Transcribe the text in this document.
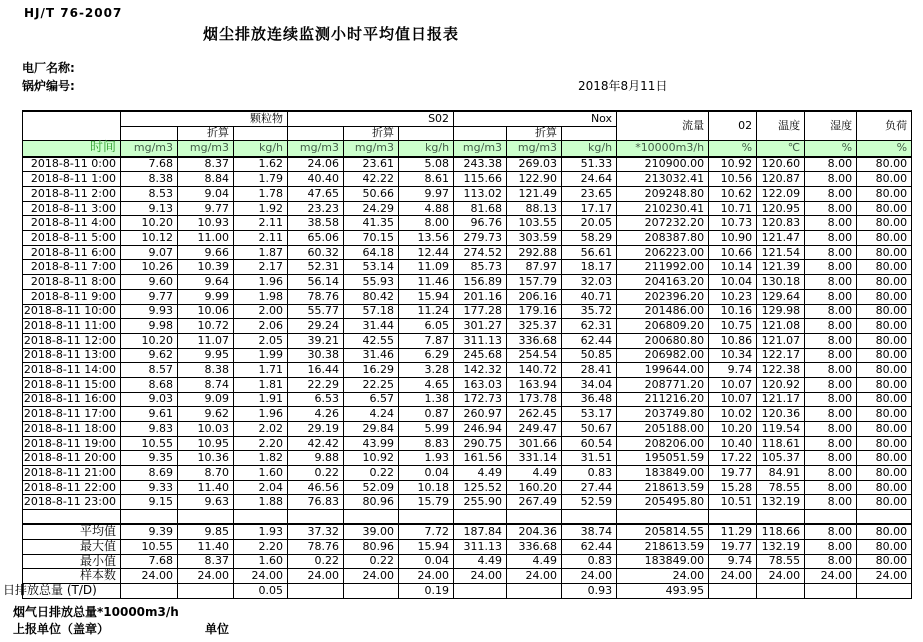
HJ/T 76-2007
烟尘排放连续监测小时平均值日报表
电厂名称:
锅炉编号:	2018年8月11日
	颗粒物			S02			Nox			流量	02	温度	湿度	负荷
		折算			折算			折算						
时间	mg/m3	mg/m3	kg/h	mg/m3	mg/m3	kg/h	mg/m3	mg/m3	kg/h	*10000m3/h	%	℃	%	%
2018-8-11 0:00	7.68	8.37	1.62	24.06	23.61	5.08	243.38	269.03	51.33	210900.00	10.92	120.60	8.00	80.00
2018-8-11 1:00	8.38	8.84	1.79	40.40	42.22	8.61	115.66	122.90	24.64	213032.41	10.56	120.87	8.00	80.00
2018-8-11 2:00	8.53	9.04	1.78	47.65	50.66	9.97	113.02	121.49	23.65	209248.80	10.62	122.09	8.00	80.00
2018-8-11 3:00	9.13	9.77	1.92	23.23	24.29	4.88	81.68	88.13	17.17	210230.41	10.71	120.95	8.00	80.00
2018-8-11 4:00	10.20	10.93	2.11	38.58	41.35	8.00	96.76	103.55	20.05	207232.20	10.73	120.83	8.00	80.00
2018-8-11 5:00	10.12	11.00	2.11	65.06	70.15	13.56	279.73	303.59	58.29	208387.80	10.90	121.47	8.00	80.00
2018-8-11 6:00	9.07	9.66	1.87	60.32	64.18	12.44	274.52	292.88	56.61	206223.00	10.66	121.54	8.00	80.00
2018-8-11 7:00	10.26	10.39	2.17	52.31	53.14	11.09	85.73	87.97	18.17	211992.00	10.14	121.39	8.00	80.00
2018-8-11 8:00	9.60	9.64	1.96	56.14	55.93	11.46	156.89	157.79	32.03	204163.20	10.04	130.18	8.00	80.00
2018-8-11 9:00	9.77	9.99	1.98	78.76	80.42	15.94	201.16	206.16	40.71	202396.20	10.23	129.64	8.00	80.00
2018-8-11 10:00	9.93	10.06	2.00	55.77	57.18	11.24	177.28	179.16	35.72	201486.00	10.16	129.98	8.00	80.00
2018-8-11 11:00	9.98	10.72	2.06	29.24	31.44	6.05	301.27	325.37	62.31	206809.20	10.75	121.08	8.00	80.00
2018-8-11 12:00	10.20	11.07	2.05	39.21	42.55	7.87	311.13	336.68	62.44	200680.80	10.86	121.07	8.00	80.00
2018-8-11 13:00	9.62	9.95	1.99	30.38	31.46	6.29	245.68	254.54	50.85	206982.00	10.34	122.17	8.00	80.00
2018-8-11 14:00	8.57	8.38	1.71	16.44	16.29	3.28	142.32	140.72	28.41	199644.00	9.74	122.38	8.00	80.00
2018-8-11 15:00	8.68	8.74	1.81	22.29	22.25	4.65	163.03	163.94	34.04	208771.20	10.07	120.92	8.00	80.00
2018-8-11 16:00	9.03	9.09	1.91	6.53	6.57	1.38	172.73	173.78	36.48	211216.20	10.07	121.17	8.00	80.00
2018-8-11 17:00	9.61	9.62	1.96	4.26	4.24	0.87	260.97	262.45	53.17	203749.80	10.02	120.36	8.00	80.00
2018-8-11 18:00	9.83	10.03	2.02	29.19	29.84	5.99	246.94	249.47	50.67	205188.00	10.20	119.54	8.00	80.00
2018-8-11 19:00	10.55	10.95	2.20	42.42	43.99	8.83	290.75	301.66	60.54	208206.00	10.40	118.61	8.00	80.00
2018-8-11 20:00	9.35	10.36	1.82	9.88	10.92	1.93	161.56	331.14	31.51	195051.59	17.22	105.37	8.00	80.00
2018-8-11 21:00	8.69	8.70	1.60	0.22	0.22	0.04	4.49	4.49	0.83	183849.00	19.77	84.91	8.00	80.00
2018-8-11 22:00	9.33	11.40	2.04	46.56	52.09	10.18	125.52	160.20	27.44	218613.59	15.28	78.55	8.00	80.00
2018-8-11 23:00	9.15	9.63	1.88	76.83	80.96	15.79	255.90	267.49	52.59	205495.80	10.51	132.19	8.00	80.00

平均值	9.39	9.85	1.93	37.32	39.00	7.72	187.84	204.36	38.74	205814.55	11.29	118.66	8.00	80.00
最大值	10.55	11.40	2.20	78.76	80.96	15.94	311.13	336.68	62.44	218613.59	19.77	132.19	8.00	80.00
最小值	7.68	8.37	1.60	0.22	0.22	0.04	4.49	4.49	0.83	183849.00	9.74	78.55	8.00	80.00
样本数	24.00	24.00	24.00	24.00	24.00	24.00	24.00	24.00	24.00	24.00	24.00	24.00	24.00	24.00

日排放总量 (T/D)			0.05			0.19			0.93	493.95				
烟气日排放总量*10000m3/h
上报单位（盖章）	单位
